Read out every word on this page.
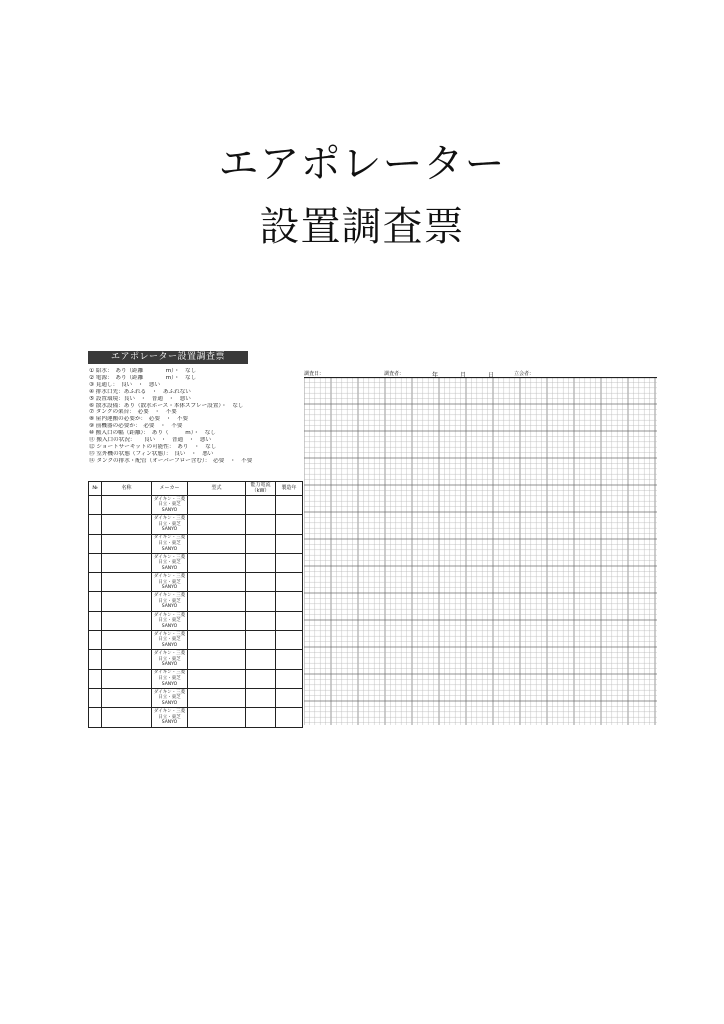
エアポレーター
設置調査票
エアポレーター設置調査票
① 給水：　あり（距離　　　　m）・　なし
② 電源：　あり（距離　　　　m）・　なし
③ 見通し：　良い　・　悪い
④ 排水口先：あふれる　・　あふれない
⑤ 設置環境：良い　・　普通　・　悪い
⑥ 散水設備：あり（散水ホース・本体スプレー設置）・　なし
⑦ タンクの架台：　必要　・　不要
⑧ 屋内運搬の必要か：　必要　・　不要
⑨ 前機器の必要か：　必要　・　不要
⑩ 搬入口の幅（距離）：　あり（　　　m）・　なし
⑪ 搬入口の状況：　　良い　・　普通　・　悪い
⑫ ショートサーキットの可能性：　あり　・　なし
⑬ 室外機の状態（フィン状態）：　良い　・　悪い
⑭ タンクの排水・配管（オーバーフロー含む）：　必要　・　不要
№	名称	メーカー	型式	能力電流（kW）	製造年

		ダイキン・三菱
日立・東芝
SANYO			

		ダイキン・三菱
日立・東芝
SANYO			

		ダイキン・三菱
日立・東芝
SANYO			

		ダイキン・三菱
日立・東芝
SANYO			

		ダイキン・三菱
日立・東芝
SANYO			

		ダイキン・三菱
日立・東芝
SANYO			

		ダイキン・三菱
日立・東芝
SANYO			

		ダイキン・三菱
日立・東芝
SANYO			

		ダイキン・三菱
日立・東芝
SANYO			

		ダイキン・三菱
日立・東芝
SANYO			

		ダイキン・三菱
日立・東芝
SANYO			

		ダイキン・三菱
日立・東芝
SANYO			

調査日：	調査者：	年	月	日	立会者：
